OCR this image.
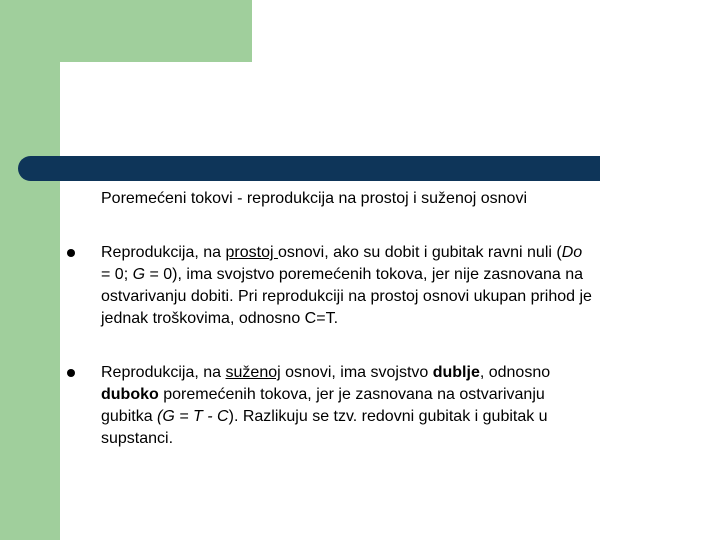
Poremećeni tokovi - reprodukcija na prostoj i suženoj osnovi
Reprodukcija, na prostoj osnovi, ako su dobit i gubitak ravni nuli (Do
= 0; G = 0), ima svojstvo poremećenih tokova, jer nije zasnovana na
ostvarivanju dobiti. Pri reprodukciji na prostoj osnovi ukupan prihod je
jednak troškovima, odnosno C=T.
Reprodukcija, na suženoj osnovi, ima svojstvo dublje, odnosno
duboko poremećenih tokova, jer je zasnovana na ostvarivanju
gubitka (G = T - C). Razlikuju se tzv. redovni gubitak i gubitak u
supstanci.
